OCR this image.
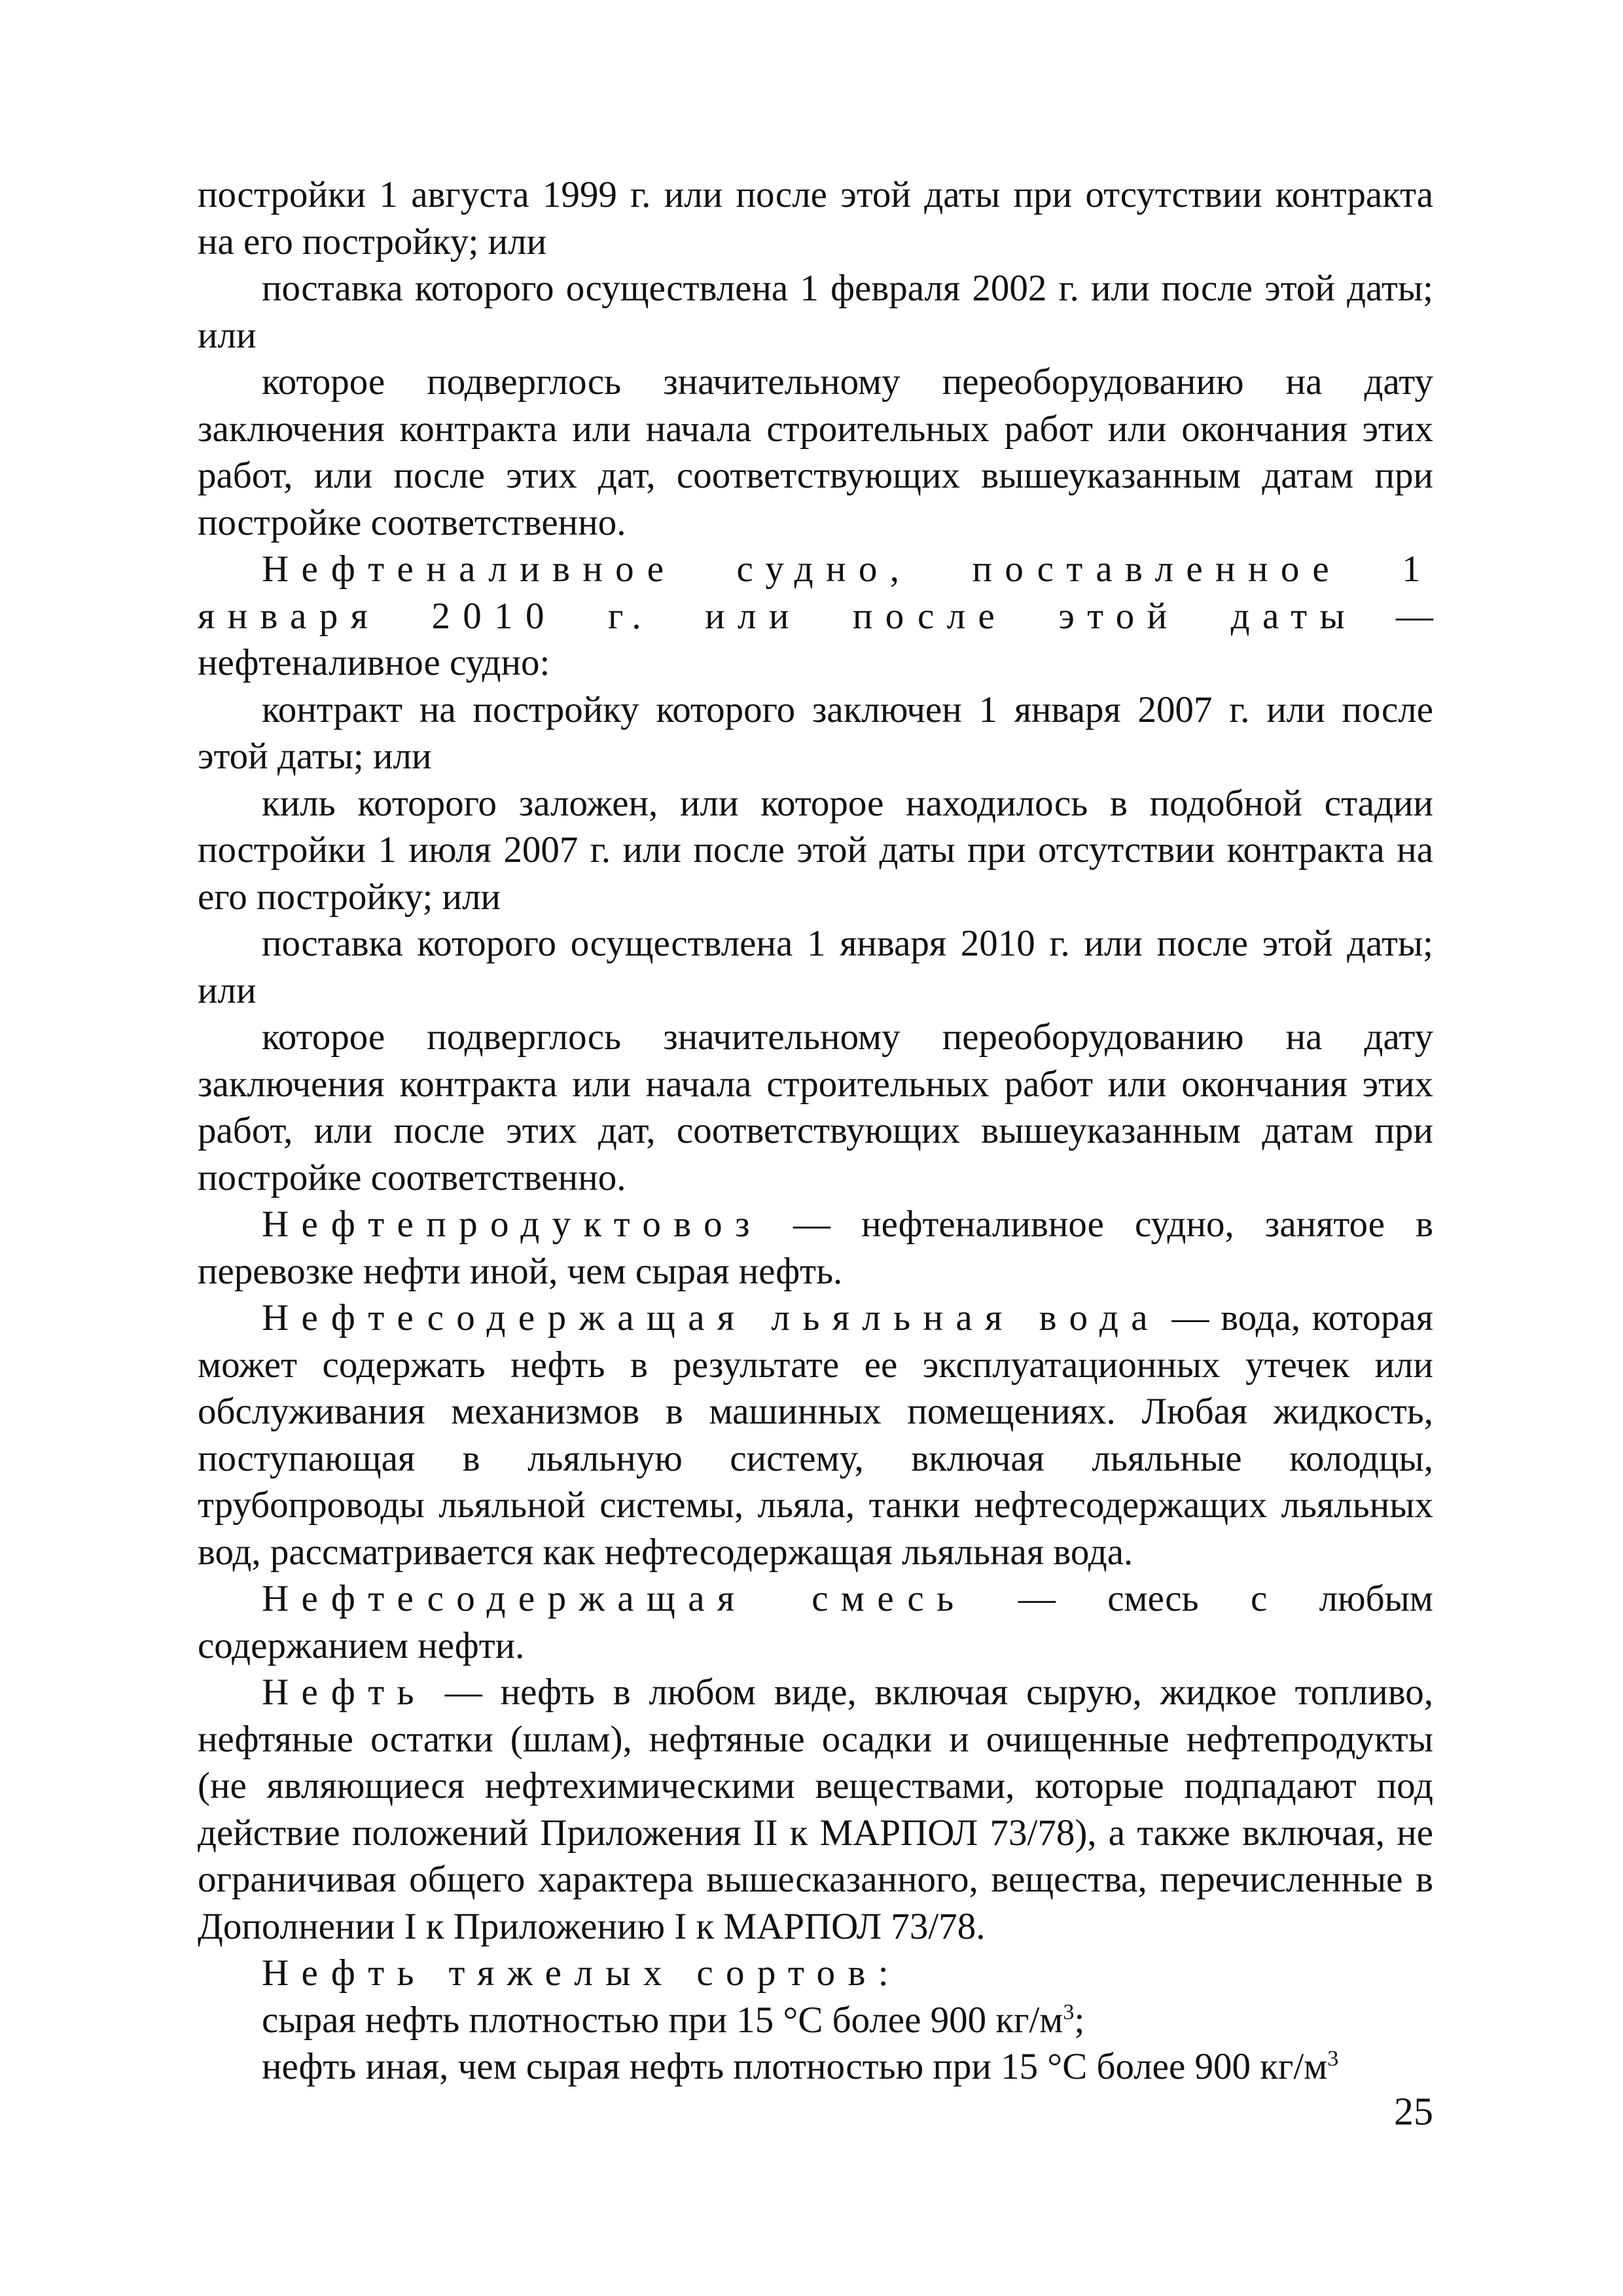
постройки 1 августа 1999 г. или после этой даты при отсутствии контракта на его постройку; или

поставка которого осуществлена 1 февраля 2002 г. или после этой даты; или

которое подверглось значительному переоборудованию на дату заключения контракта или начала строительных работ или окончания этих работ, или после этих дат, соответствующих вышеуказанным датам при постройке соответственно.

Нефтеналивное судно, поставленное 1 января 2010 г. или после этой даты — нефтеналивное судно:

контракт на постройку которого заключен 1 января 2007 г. или после этой даты; или

киль которого заложен, или которое находилось в подобной стадии постройки 1 июля 2007 г. или после этой даты при отсутствии контракта на его постройку; или

поставка которого осуществлена 1 января 2010 г. или после этой даты; или

которое подверглось значительному переоборудованию на дату заключения контракта или начала строительных работ или окончания этих работ, или после этих дат, соответствующих вышеуказанным датам при постройке соответственно.

Нефтепродуктовоз — нефтеналивное судно, занятое в перевозке нефти иной, чем сырая нефть.

Нефтесодержащая льяльная вода — вода, которая может содержать нефть в результате ее эксплуатационных утечек или обслуживания механизмов в машинных помещениях. Любая жидкость, поступающая в льяльную систему, включая льяльные колодцы, трубопроводы льяльной системы, льяла, танки нефтесодержащих льяльных вод, рассматривается как нефтесодержащая льяльная вода.

Нефтесодержащая смесь — смесь с любым содержанием нефти.

Нефть — нефть в любом виде, включая сырую, жидкое топливо, нефтяные остатки (шлам), нефтяные осадки и очищенные нефтепродукты (не являющиеся нефтехимическими веществами, которые подпадают под действие положений Приложения II к МАРПОЛ 73/78), а также включая, не ограничивая общего характера вышесказанного, вещества, перечисленные в Дополнении I к Приложению I к МАРПОЛ 73/78.

Нефть тяжелых сортов:

сырая нефть плотностью при 15 °C более 900 $кг/м^3$;

нефть иная, чем сырая нефть плотностью при 15 °C более 900 $кг/м^3$

25
